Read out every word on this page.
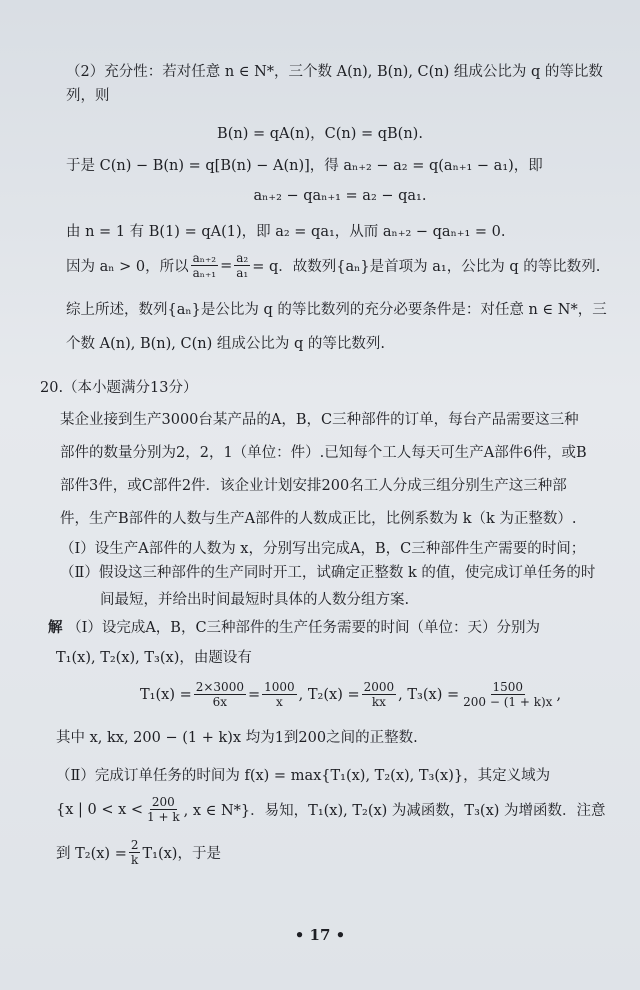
（2）充分性：若对任意 n ∈ N*，三个数 A(n), B(n), C(n) 组成公比为 q 的等比数
列，则
B(n) = qA(n)，C(n) = qB(n).
于是 C(n) − B(n) = q[B(n) − A(n)]，得 aₙ₊₂ − a₂ = q(aₙ₊₁ − a₁)，即
aₙ₊₂ − qaₙ₊₁ = a₂ − qa₁.
由 n = 1 有 B(1) = qA(1)，即 a₂ = qa₁，从而 aₙ₊₂ − qaₙ₊₁ = 0.
因为 aₙ > 0，所以 $\frac{\text{aₙ₊₂}}{\text{aₙ₊₁}} = \frac{\text{a₂}}{\text{a₁}} = q$．故数列{aₙ}是首项为 a₁，公比为 q 的等比数列.
综上所述，数列{aₙ}是公比为 q 的等比数列的充分必要条件是：对任意 n ∈ N*，三
个数 A(n), B(n), C(n) 组成公比为 q 的等比数列.
20.（本小题满分13分）
某企业接到生产3000台某产品的A，B，C三种部件的订单，每台产品需要这三种
部件的数量分别为2，2，1（单位：件）.已知每个工人每天可生产A部件6件，或B
部件3件，或C部件2件．该企业计划安排200名工人分成三组分别生产这三种部
件，生产B部件的人数与生产A部件的人数成正比，比例系数为 k（k 为正整数）.
（Ⅰ）设生产A部件的人数为 x，分别写出完成A，B，C三种部件生产需要的时间；
（Ⅱ）假设这三种部件的生产同时开工，试确定正整数 k 的值，使完成订单任务的时
间最短，并给出时间最短时具体的人数分组方案.
解 （Ⅰ）设完成A，B，C三种部件的生产任务需要的时间（单位：天）分别为
T₁(x), T₂(x), T₃(x)，由题设有
$T_1(x) = \frac{2\times 3000}{6x} = \frac{1000}{x}$ , $T_2(x) = \frac{2000}{kx}$ , $T_3(x) = \frac{1500}{200 - (1 + k)x}$ ,
其中 x, kx, 200 − (1 + k)x 均为1到200之间的正整数.
（Ⅱ）完成订单任务的时间为 f(x) = max{T₁(x), T₂(x), T₃(x)}，其定义域为
{x | $0 < x < \frac{200}{1 + k}$ , x ∈ N*}．易知，T₁(x), T₂(x) 为减函数，T₃(x) 为增函数．注意
到 $T_2(x) = \frac{2}{k} T_1(x)$，于是
• 17 •
